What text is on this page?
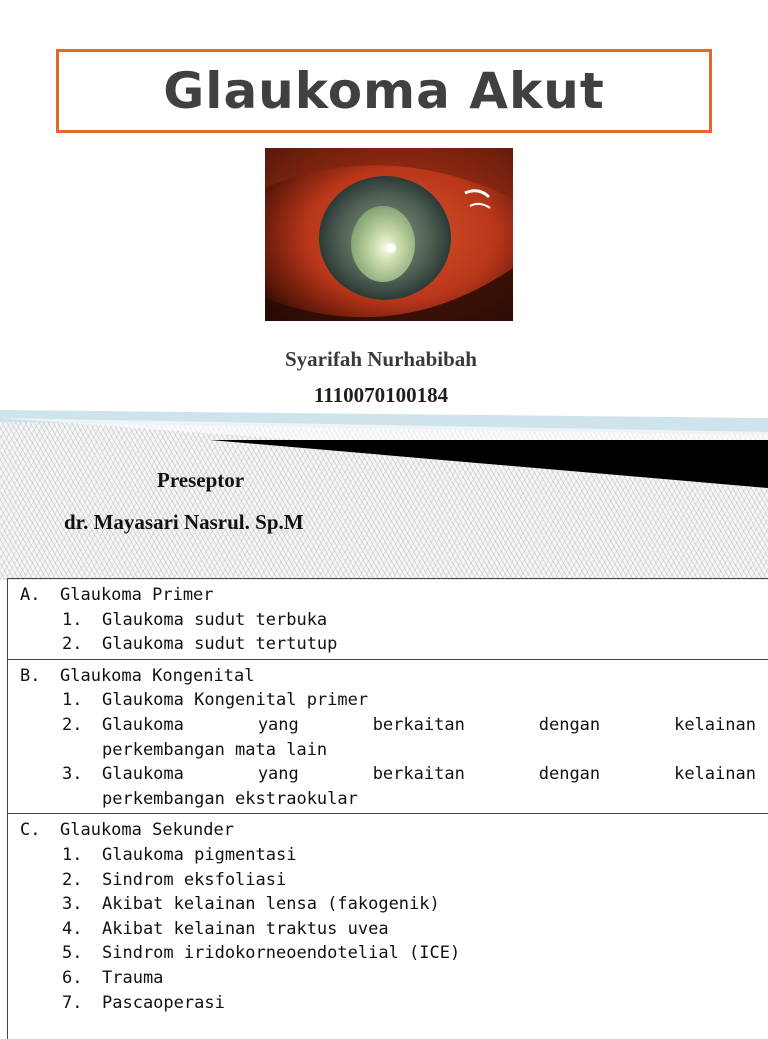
Glaukoma Akut
Syarifah Nurhabibah
1110070100184
Preseptor
dr. Mayasari Nasrul. Sp.M
A.	Glaukoma Primer
1.	Glaukoma sudut terbuka
2.	Glaukoma sudut tertutup
B.	Glaukoma Kongenital
1.	Glaukoma Kongenital primer
2.	Glaukoma	yang	berkaitan	dengan	kelainan
perkembangan mata lain
3.	Glaukoma	yang	berkaitan	dengan	kelainan
perkembangan ekstraokular
C.	Glaukoma Sekunder
1.	Glaukoma pigmentasi
2.	Sindrom eksfoliasi
3.	Akibat kelainan lensa (fakogenik)
4.	Akibat kelainan traktus uvea
5.	Sindrom iridokorneoendotelial (ICE)
6.	Trauma
7.	Pascaoperasi
